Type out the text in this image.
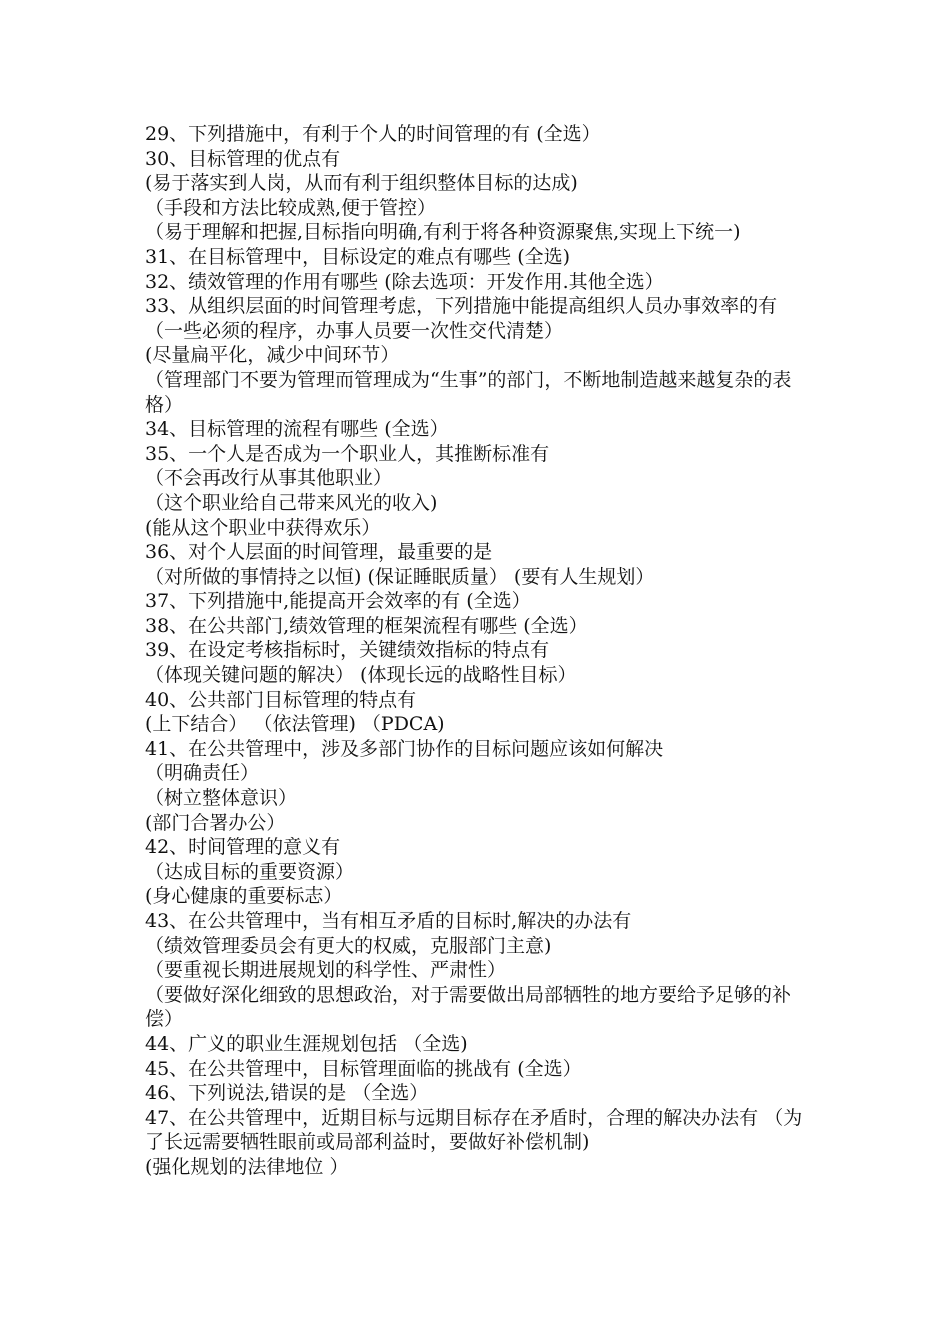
29、下列措施中，有利于个人的时间管理的有 (全选）
30、目标管理的优点有
(易于落实到人岗，从而有利于组织整体目标的达成)
（手段和方法比较成熟,便于管控）
（易于理解和把握,目标指向明确,有利于将各种资源聚焦,实现上下统一)
31、在目标管理中，目标设定的难点有哪些 (全选)
32、绩效管理的作用有哪些 (除去选项：开发作用.其他全选）
33、从组织层面的时间管理考虑，下列措施中能提高组织人员办事效率的有 （一些必须的程序，办事人员要一次性交代清楚）
(尽量扁平化，减少中间环节）
（管理部门不要为管理而管理成为“生事”的部门，不断地制造越来越复杂的表格）
34、目标管理的流程有哪些 (全选）
35、一个人是否成为一个职业人，其推断标准有
（不会再改行从事其他职业）
（这个职业给自己带来风光的收入)
(能从这个职业中获得欢乐）
36、对个人层面的时间管理，最重要的是
（对所做的事情持之以恒) (保证睡眠质量） (要有人生规划）
37、下列措施中,能提高开会效率的有 (全选）
38、在公共部门,绩效管理的框架流程有哪些 (全选）
39、在设定考核指标时，关键绩效指标的特点有
（体现关键问题的解决） (体现长远的战略性目标）
40、公共部门目标管理的特点有
(上下结合） （依法管理) （PDCA)
41、在公共管理中，涉及多部门协作的目标问题应该如何解决
（明确责任）
（树立整体意识）
(部门合署办公）
42、时间管理的意义有
（达成目标的重要资源）
(身心健康的重要标志）
43、在公共管理中，当有相互矛盾的目标时,解决的办法有
（绩效管理委员会有更大的权威，克服部门主意)
（要重视长期进展规划的科学性、严肃性）
（要做好深化细致的思想政治，对于需要做出局部牺牲的地方要给予足够的补偿）
44、广义的职业生涯规划包括 （全选)
45、在公共管理中，目标管理面临的挑战有 (全选）
46、下列说法,错误的是 （全选）
47、在公共管理中，近期目标与远期目标存在矛盾时，合理的解决办法有 （为了长远需要牺牲眼前或局部利益时，要做好补偿机制)
(强化规划的法律地位 ）
